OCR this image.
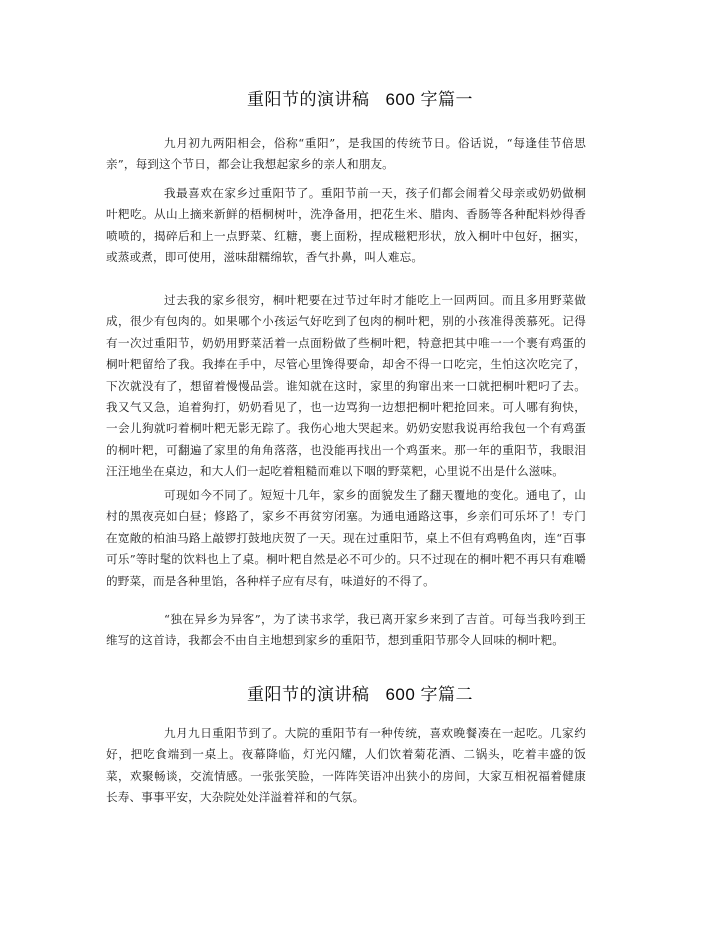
重阳节的演讲稿 600 字篇一

九月初九两阳相会，俗称“重阳”，是我国的传统节日。俗话说，“每逢佳节倍思亲”，每到这个节日，都会让我想起家乡的亲人和朋友。

我最喜欢在家乡过重阳节了。重阳节前一天，孩子们都会闹着父母亲或奶奶做桐叶粑吃。从山上摘来新鲜的梧桐树叶，洗净备用，把花生米、腊肉、香肠等各种配料炒得香喷喷的，揭碎后和上一点野菜、红糖，裹上面粉，捏成糍粑形状，放入桐叶中包好，捆实，或蒸或煮，即可使用，滋味甜糯绵软，香气扑鼻，叫人难忘。

过去我的家乡很穷，桐叶粑要在过节过年时才能吃上一回两回。而且多用野菜做成，很少有包肉的。如果哪个小孩运气好吃到了包肉的桐叶粑，别的小孩准得羡慕死。记得有一次过重阳节，奶奶用野菜活着一点面粉做了些桐叶粑，特意把其中唯一一个裹有鸡蛋的桐叶粑留给了我。我捧在手中，尽管心里馋得要命，却舍不得一口吃完，生怕这次吃完了，下次就没有了，想留着慢慢品尝。谁知就在这时，家里的狗窜出来一口就把桐叶粑叼了去。我又气又急，追着狗打，奶奶看见了，也一边骂狗一边想把桐叶粑抢回来。可人哪有狗快，一会儿狗就叼着桐叶粑无影无踪了。我伤心地大哭起来。奶奶安慰我说再给我包一个有鸡蛋的桐叶粑，可翻遍了家里的角角落落，也没能再找出一个鸡蛋来。那一年的重阳节，我眼泪汪汪地坐在桌边，和大人们一起吃着粗糙而难以下咽的野菜粑，心里说不出是什么滋味。

可现如今不同了。短短十几年，家乡的面貌发生了翻天覆地的变化。通电了，山村的黑夜亮如白昼；修路了，家乡不再贫穷闭塞。为通电通路这事，乡亲们可乐坏了！专门在宽敞的柏油马路上敲锣打鼓地庆贺了一天。现在过重阳节，桌上不但有鸡鸭鱼肉，连“百事可乐”等时髦的饮料也上了桌。桐叶粑自然是必不可少的。只不过现在的桐叶粑不再只有难嚼的野菜，而是各种里馅，各种样子应有尽有，味道好的不得了。

“独在异乡为异客”，为了读书求学，我已离开家乡来到了吉首。可每当我吟到王维写的这首诗，我都会不由自主地想到家乡的重阳节，想到重阳节那令人回味的桐叶粑。

重阳节的演讲稿 600 字篇二

九月九日重阳节到了。大院的重阳节有一种传统，喜欢晚餐凑在一起吃。几家约好，把吃食端到一桌上。夜幕降临，灯光闪耀，人们饮着菊花酒、二锅头，吃着丰盛的饭菜，欢聚畅谈，交流情感。一张张笑脸，一阵阵笑语冲出狭小的房间，大家互相祝福着健康长寿、事事平安，大杂院处处洋溢着祥和的气氛。
